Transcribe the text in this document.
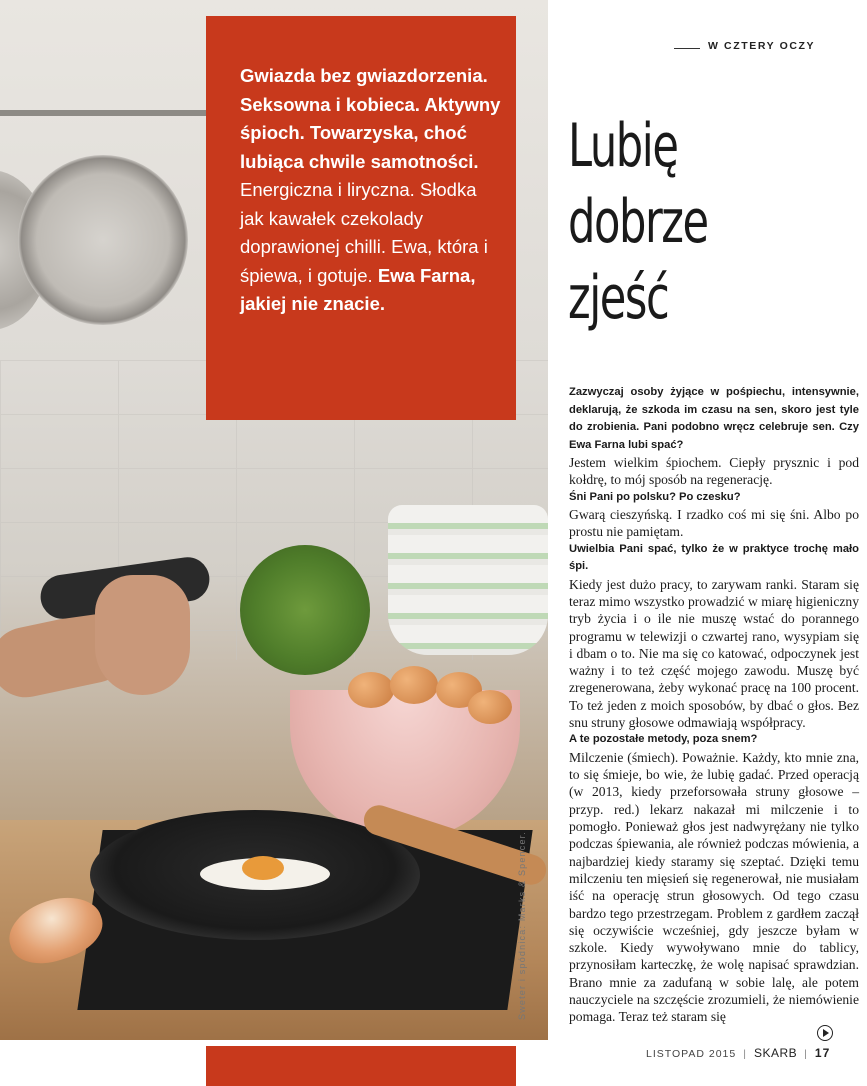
Sweter i spódnica: Marks & Spencer.

Gwiazda bez gwiazdorzenia. Seksowna i kobieca. Aktywny śpioch. Towarzyska, choć lubiąca chwile samotności. Energiczna i liryczna. Słodka jak kawałek czekolady doprawionej chilli. Ewa, która i śpiewa, i gotuje. Ewa Farna, jakiej nie znacie.

W CZTERY OCZY
Lubię
dobrze
zjeść

Zazwyczaj osoby żyjące w pośpiechu, intensywnie, deklarują, że szkoda im czasu na sen, skoro jest tyle do zrobienia. Pani podobno wręcz celebruje sen. Czy Ewa Farna lubi spać?

Jestem wielkim śpiochem. Ciepły prysznic i pod kołdrę, to mój sposób na regenerację.

Śni Pani po polsku? Po czesku?

Gwarą cieszyńską. I rzadko coś mi się śni. Albo po prostu nie pamiętam.

Uwielbia Pani spać, tylko że w praktyce trochę mało śpi.

Kiedy jest dużo pracy, to zarywam ranki. Staram się teraz mimo wszystko prowadzić w miarę higieniczny tryb życia i o ile nie muszę wstać do porannego programu w telewizji o czwartej rano, wysypiam się i dbam o to. Nie ma się co katować, odpoczynek jest ważny i to też część mojego zawodu. Muszę być zregenerowana, żeby wykonać pracę na 100 procent. To też jeden z moich sposobów, by dbać o głos. Bez snu struny głosowe odmawiają współpracy.

A te pozostałe metody, poza snem?

Milczenie (śmiech). Poważnie. Każdy, kto mnie zna, to się śmieje, bo wie, że lubię gadać. Przed operacją (w 2013, kiedy przeforsowała struny głosowe – przyp. red.) lekarz nakazał mi milczenie i to pomogło. Ponieważ głos jest nadwyrężany nie tylko podczas śpiewania, ale również podczas mówienia, a najbardziej kiedy staramy się szeptać. Dzięki temu milczeniu ten mięsień się regenerował, nie musiałam iść na operację strun głosowych. Od tego czasu bardzo tego przestrzegam. Problem z gardłem zaczął się oczywiście wcześniej, gdy jeszcze byłam w szkole. Kiedy wywoływano mnie do tablicy, przynosiłam karteczkę, że wolę napisać sprawdzian. Brano mnie za zadufaną w sobie lalę, ale potem nauczyciele na szczęście zrozumieli, że niemówienie pomaga. Teraz też staram się

LISTOPAD 2015 | SKARB | 17
